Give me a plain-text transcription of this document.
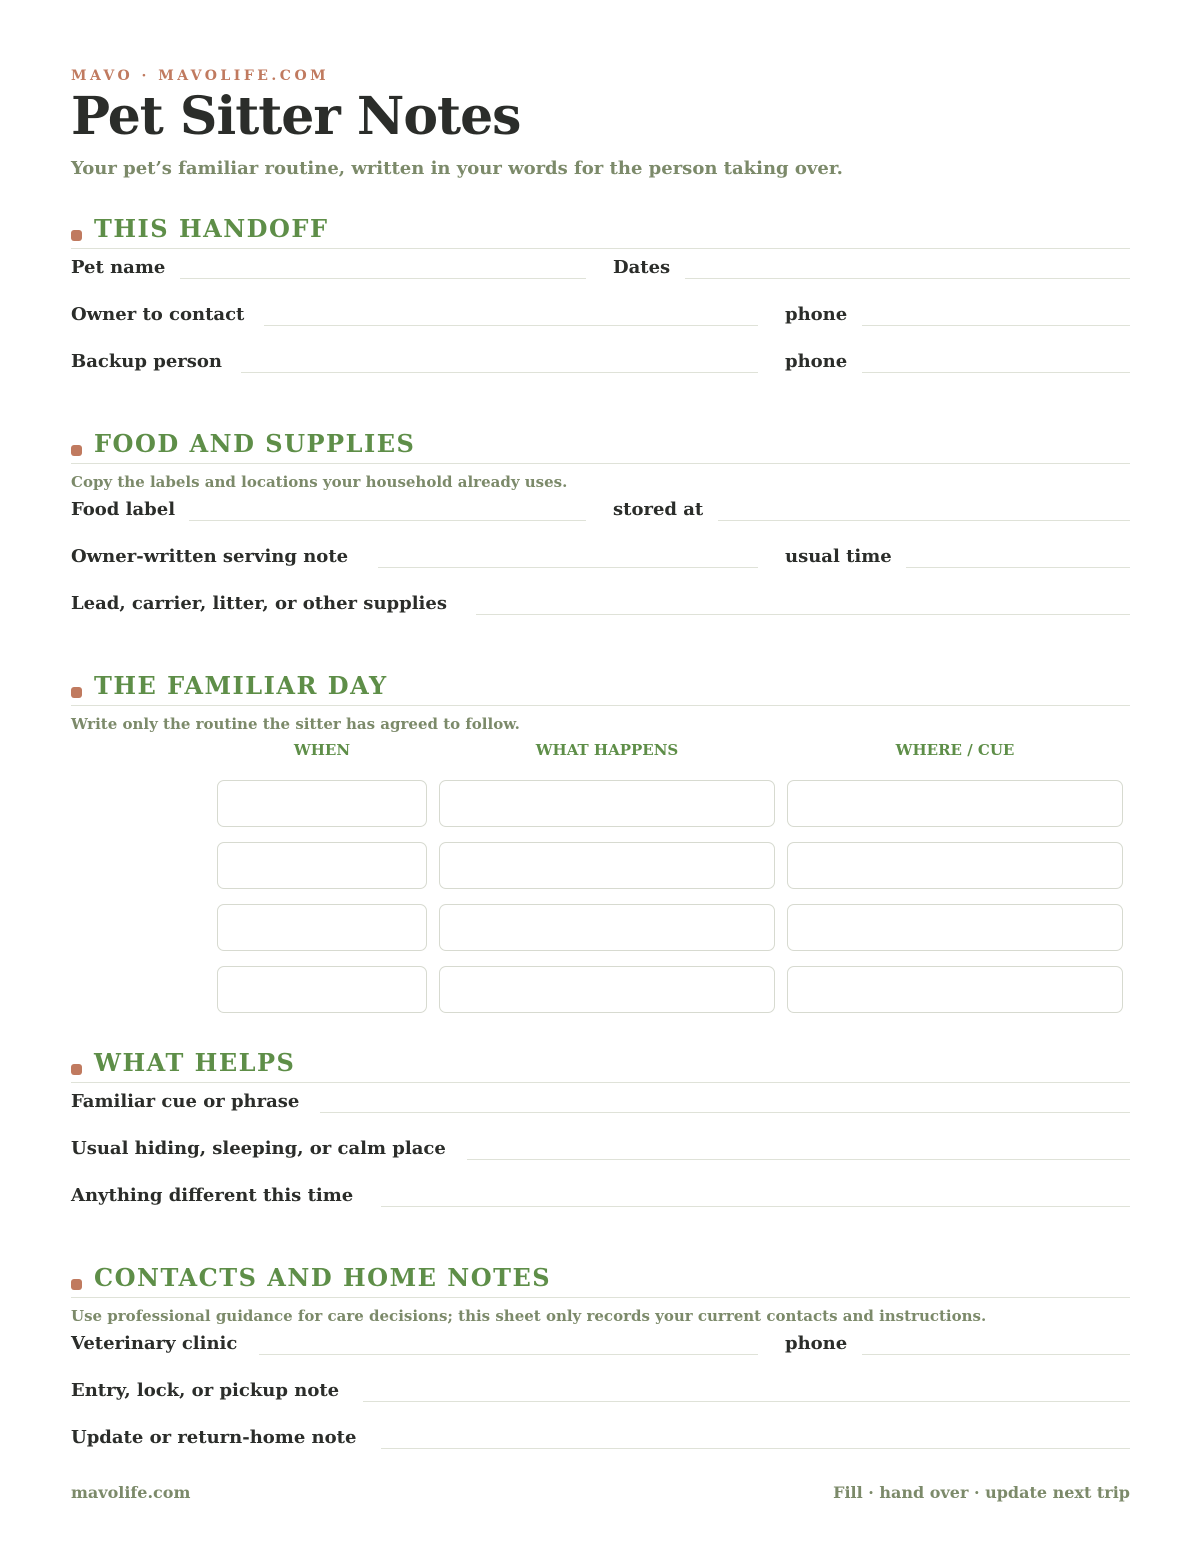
MAVO · MAVOLIFE.COM
Pet Sitter Notes
Your pet’s familiar routine, written in your words for the person taking over.
THIS HANDOFF
Pet name	Dates
Owner to contact	phone
Backup person	phone
FOOD AND SUPPLIES
Copy the labels and locations your household already uses.
Food label	stored at
Owner-written serving note	usual time
Lead, carrier, litter, or other supplies
THE FAMILIAR DAY
Write only the routine the sitter has agreed to follow.
WHEN	WHAT HAPPENS	WHERE / CUE
WHAT HELPS
Familiar cue or phrase
Usual hiding, sleeping, or calm place
Anything different this time
CONTACTS AND HOME NOTES
Use professional guidance for care decisions; this sheet only records your current contacts and instructions.
Veterinary clinic	phone
Entry, lock, or pickup note
Update or return-home note
mavolife.com	Fill · hand over · update next trip
